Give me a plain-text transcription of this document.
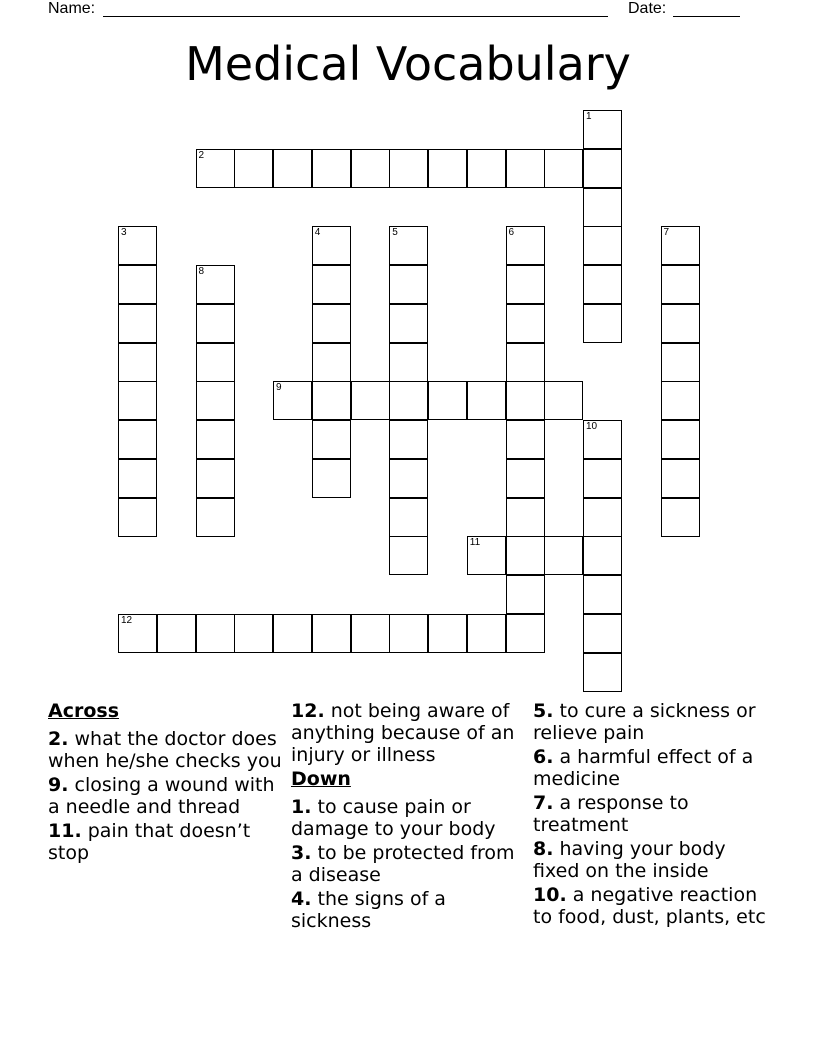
Name:	Date:
Medical Vocabulary
1
2
3	4	5	6	7
8
9
10
11
12
Across
2. what the doctor does when he/she checks you
9. closing a wound with a needle and thread
11. pain that doesn’t stop
12. not being aware of anything because of an injury or illness
Down
1. to cause pain or damage to your body
3. to be protected from a disease
4. the signs of a sickness
5. to cure a sickness or relieve pain
6. a harmful effect of a medicine
7. a response to treatment
8. having your body fixed on the inside
10. a negative reaction to food, dust, plants, etc
